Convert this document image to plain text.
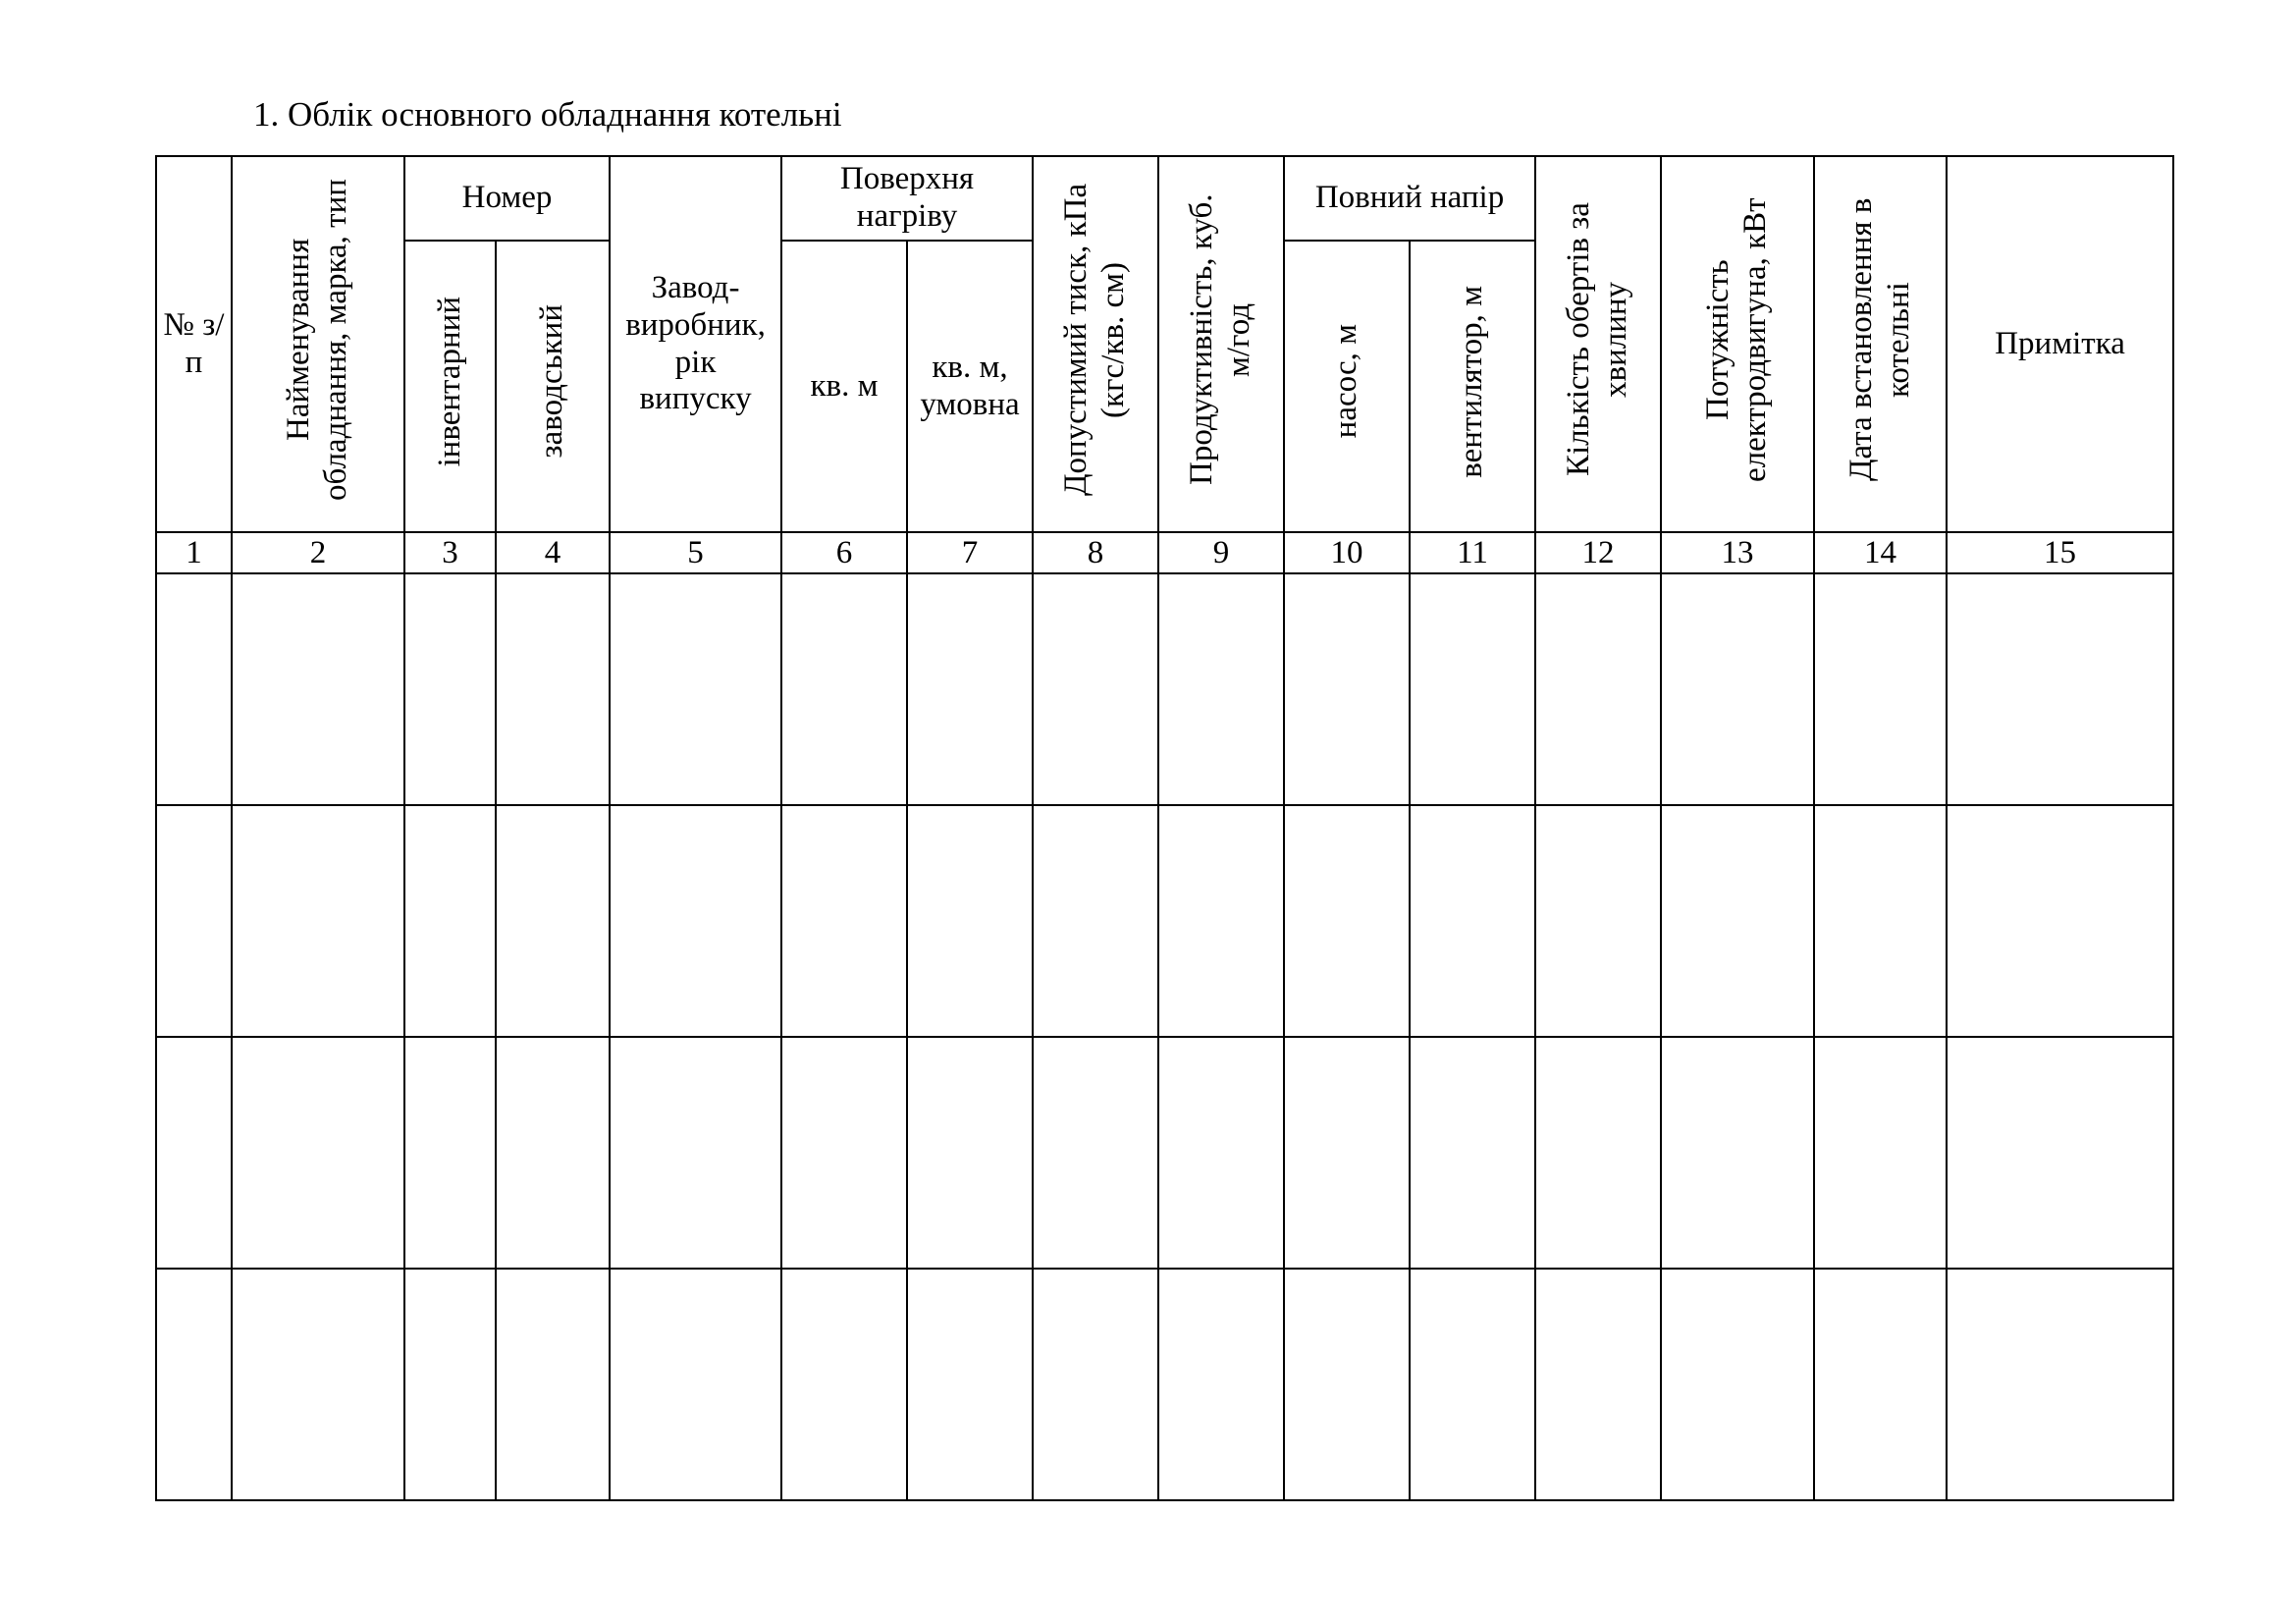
1. Облік основного обладнання котельні
№ з/п	Найменування обладнання, марка, тип	Номер		Завод-виробник, рік випуску	Поверхня нагріву		Допустимий тиск, кПа (кгс/кв. см)	Продуктивність, куб. м/год	Повний напір		Кількість обертів за хвилину	Потужність електродвигуна, кВт	Дата встановлення в котельні	Примітка
		інвентарний	заводський		кв. м	кв. м, умовна			насос, м	вентилятор, м				
1	2	3	4	5	6	7	8	9	10	11	12	13	14	15
